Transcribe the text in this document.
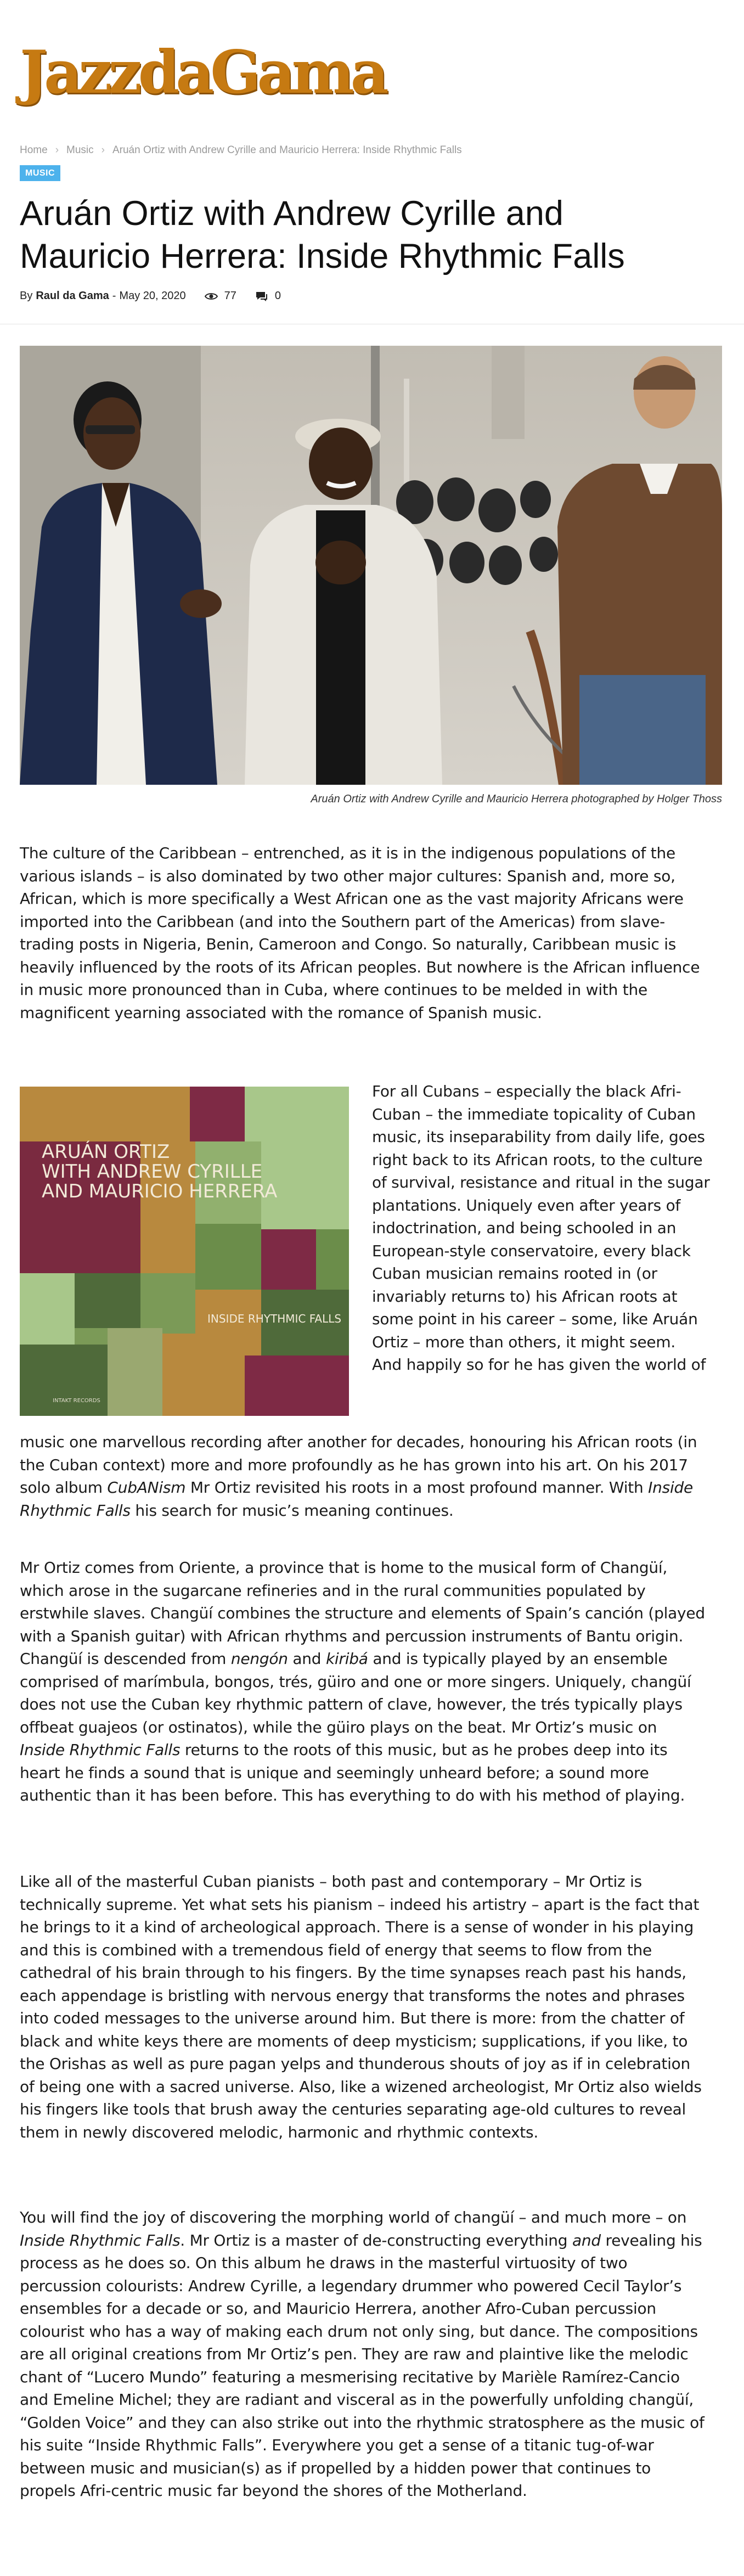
JazzdaGama
Home › Music › Aruán Ortiz with Andrew Cyrille and Mauricio Herrera: Inside Rhythmic Falls
MUSIC
Aruán Ortiz with Andrew Cyrille and
Mauricio Herrera: Inside Rhythmic Falls
By Raul da Gama - May 20, 2020	77	0
Aruán Ortiz with Andrew Cyrille and Mauricio Herrera photographed by Holger Thoss
The culture of the Caribbean – entrenched, as it is in the indigenous populations of the
various islands – is also dominated by two other major cultures: Spanish and, more so,
African, which is more specifically a West African one as the vast majority Africans were
imported into the Caribbean (and into the Southern part of the Americas) from slave-
trading posts in Nigeria, Benin, Cameroon and Congo. So naturally, Caribbean music is
heavily influenced by the roots of its African peoples. But nowhere is the African influence
in music more pronounced than in Cuba, where continues to be melded in with the
magnificent yearning associated with the romance of Spanish music.
ARUÁN ORTIZ
WITH ANDREW CYRILLE
AND MAURICIO HERRERA
INSIDE RHYTHMIC FALLS
INTAKT RECORDS
For all Cubans – especially the black Afri-
Cuban – the immediate topicality of Cuban
music, its inseparability from daily life, goes
right back to its African roots, to the culture
of survival, resistance and ritual in the sugar
plantations. Uniquely even after years of
indoctrination, and being schooled in an
European-style conservatoire, every black
Cuban musician remains rooted in (or
invariably returns to) his African roots at
some point in his career – some, like Aruán
Ortiz – more than others, it might seem.
And happily so for he has given the world of
music one marvellous recording after another for decades, honouring his African roots (in
the Cuban context) more and more profoundly as he has grown into his art. On his 2017
solo album CubANism Mr Ortiz revisited his roots in a most profound manner. With Inside
Rhythmic Falls his search for music’s meaning continues.
Mr Ortiz comes from Oriente, a province that is home to the musical form of Changüí,
which arose in the sugarcane refineries and in the rural communities populated by
erstwhile slaves. Changüí combines the structure and elements of Spain’s canción (played
with a Spanish guitar) with African rhythms and percussion instruments of Bantu origin.
Changüí is descended from nengón and kiribá and is typically played by an ensemble
comprised of marímbula, bongos, trés, güiro and one or more singers. Uniquely, changüí
does not use the Cuban key rhythmic pattern of clave, however, the trés typically plays
offbeat guajeos (or ostinatos), while the güiro plays on the beat. Mr Ortiz’s music on
Inside Rhythmic Falls returns to the roots of this music, but as he probes deep into its
heart he finds a sound that is unique and seemingly unheard before; a sound more
authentic than it has been before. This has everything to do with his method of playing.
Like all of the masterful Cuban pianists – both past and contemporary – Mr Ortiz is
technically supreme. Yet what sets his pianism – indeed his artistry – apart is the fact that
he brings to it a kind of archeological approach. There is a sense of wonder in his playing
and this is combined with a tremendous field of energy that seems to flow from the
cathedral of his brain through to his fingers. By the time synapses reach past his hands,
each appendage is bristling with nervous energy that transforms the notes and phrases
into coded messages to the universe around him. But there is more: from the chatter of
black and white keys there are moments of deep mysticism; supplications, if you like, to
the Orishas as well as pure pagan yelps and thunderous shouts of joy as if in celebration
of being one with a sacred universe. Also, like a wizened archeologist, Mr Ortiz also wields
his fingers like tools that brush away the centuries separating age-old cultures to reveal
them in newly discovered melodic, harmonic and rhythmic contexts.
You will find the joy of discovering the morphing world of changüí – and much more – on
Inside Rhythmic Falls. Mr Ortiz is a master of de-constructing everything and revealing his
process as he does so. On this album he draws in the masterful virtuosity of two
percussion colourists: Andrew Cyrille, a legendary drummer who powered Cecil Taylor’s
ensembles for a decade or so, and Mauricio Herrera, another Afro-Cuban percussion
colourist who has a way of making each drum not only sing, but dance. The compositions
are all original creations from Mr Ortiz’s pen. They are raw and plaintive like the melodic
chant of “Lucero Mundo” featuring a mesmerising recitative by Marièle Ramírez-Cancio
and Emeline Michel; they are radiant and visceral as in the powerfully unfolding changüí,
“Golden Voice” and they can also strike out into the rhythmic stratosphere as the music of
his suite “Inside Rhythmic Falls”. Everywhere you get a sense of a titanic tug-of-war
between music and musician(s) as if propelled by a hidden power that continues to
propels Afri-centric music far beyond the shores of the Motherland.
